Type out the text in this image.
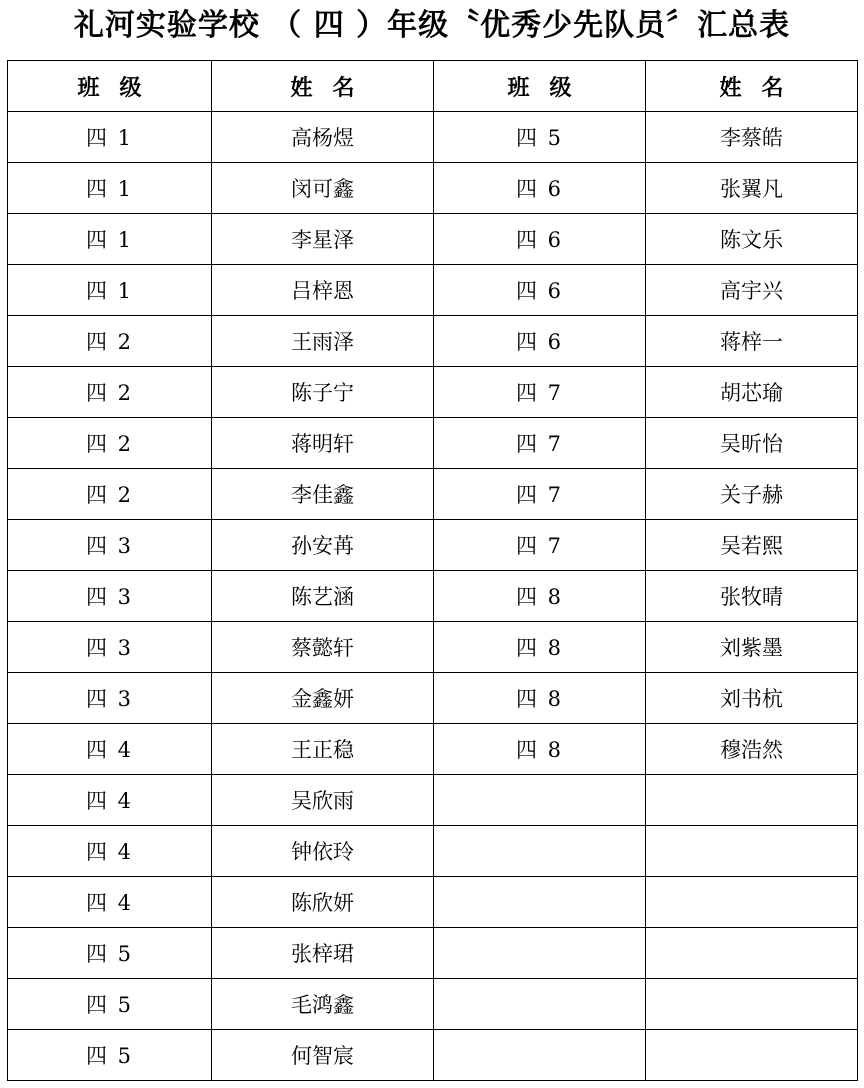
礼河实验学校 （ 四 ）年级〝优秀少先队员〞汇总表
班级	姓名	班级	姓名
四 1	高杨煜	四 5	李蔡皓
四 1	闵可鑫	四 6	张翼凡
四 1	李星泽	四 6	陈文乐
四 1	吕梓恩	四 6	高宇兴
四 2	王雨泽	四 6	蒋梓一
四 2	陈子宁	四 7	胡芯瑜
四 2	蒋明轩	四 7	吴昕怡
四 2	李佳鑫	四 7	关子赫
四 3	孙安苒	四 7	吴若熙
四 3	陈艺涵	四 8	张牧晴
四 3	蔡懿轩	四 8	刘紫墨
四 3	金鑫妍	四 8	刘书杭
四 4	王正稳	四 8	穆浩然
四 4	吴欣雨		
四 4	钟依玲		
四 4	陈欣妍		
四 5	张梓珺		
四 5	毛鸿鑫		
四 5	何智宸		
